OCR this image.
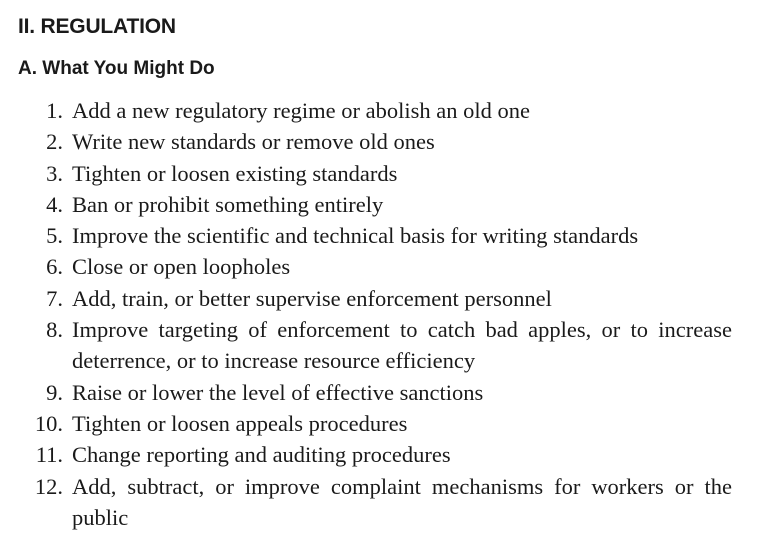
II. REGULATION
A. What You Might Do
1. Add a new regulatory regime or abolish an old one
2. Write new standards or remove old ones
3. Tighten or loosen existing standards
4. Ban or prohibit something entirely
5. Improve the scientific and technical basis for writing standards
6. Close or open loopholes
7. Add, train, or better supervise enforcement personnel
8. Improve targeting of enforcement to catch bad apples, or to increase deterrence, or to increase resource efficiency
9. Raise or lower the level of effective sanctions
10. Tighten or loosen appeals procedures
11. Change reporting and auditing procedures
12. Add, subtract, or improve complaint mechanisms for workers or the public
